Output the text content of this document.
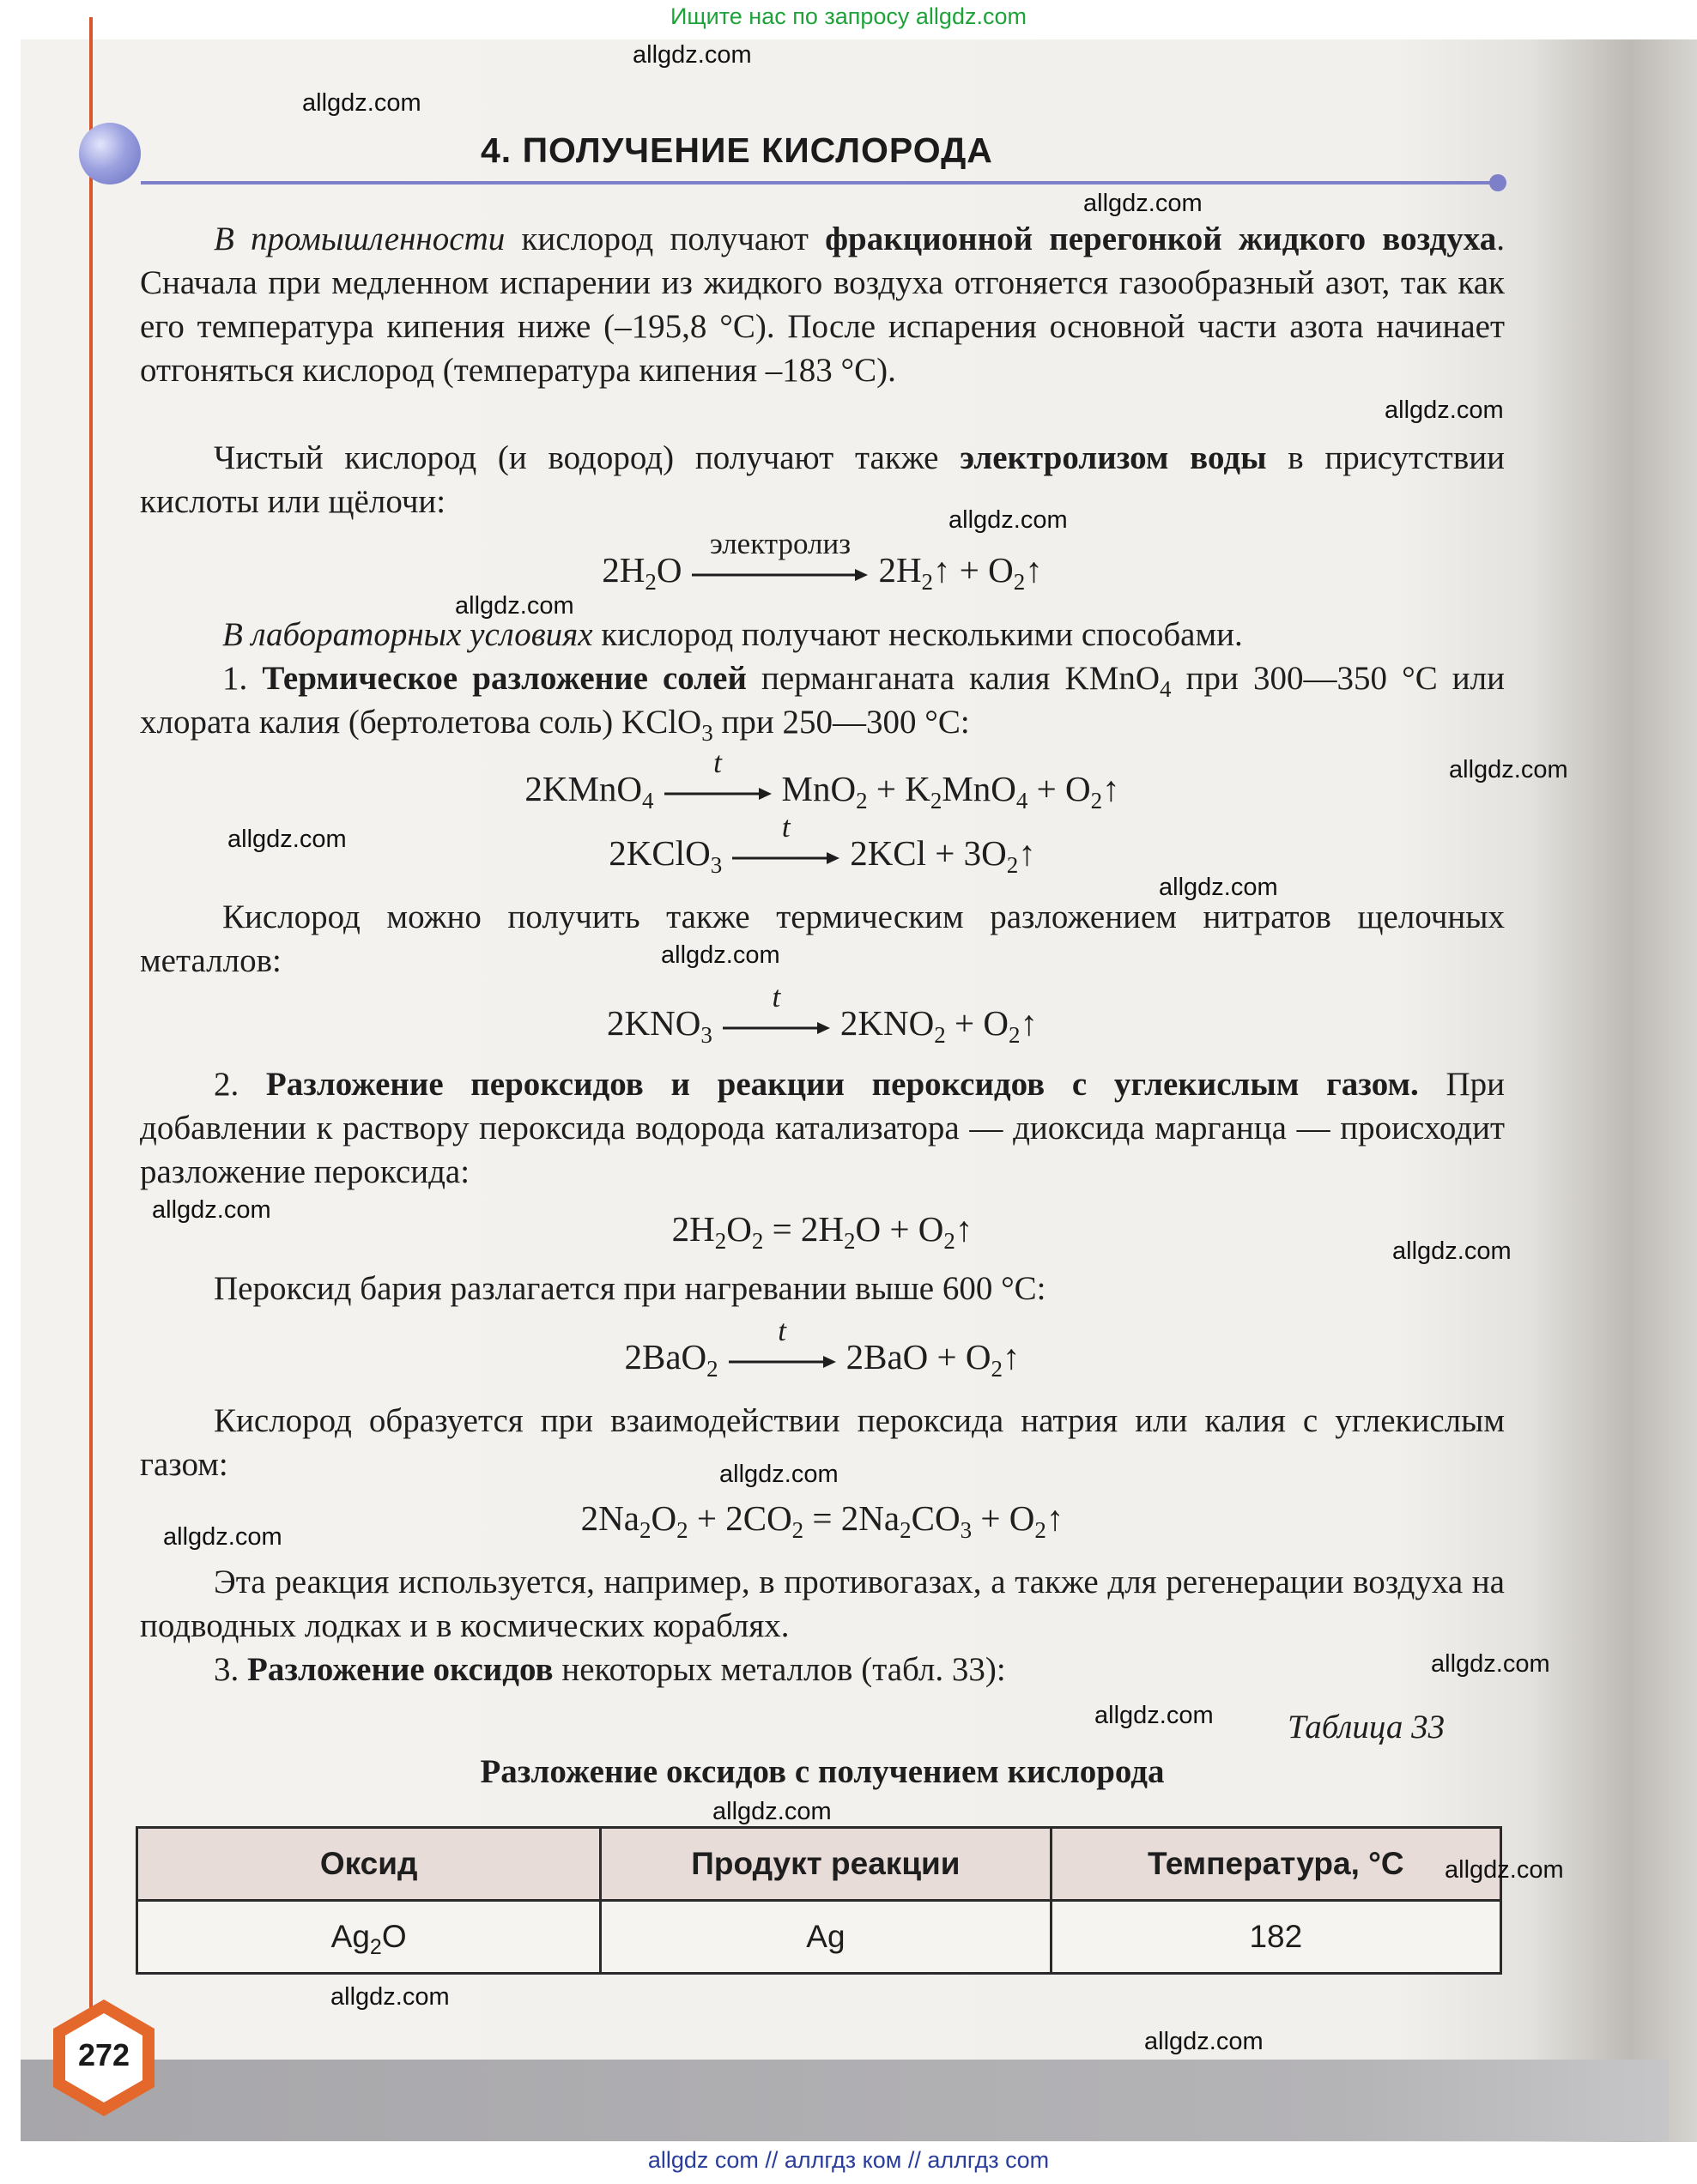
Ищите нас по запросу allgdz.com
4. ПОЛУЧЕНИЕ КИСЛОРОДА
В промышленности кислород получают фракционной перегонкой жидкого воздуха. Сначала при медленном испарении из жидкого воздуха отгоняется газообразный азот, так как его температура кипения ниже (–195,8 °С). После испарения основной части азота начинает отгоняться кислород (температура кипения –183 °С).
Чистый кислород (и водород) получают также электролизом воды в присутствии кислоты или щёлочи:
$2H_2O$
электролиз
$2H_2↑$ + $O_2↑$
В лабораторных условиях кислород получают несколькими способами.
1. Термическое разложение солей перманганата калия KMnO$_4$ при 300—350 °С или хлората калия (бертолетова соль) KClO$_3$ при 250—300 °С:
2KMnO$_4$
t
$MnO_2 + K_2MnO_4$ + $O_2↑$
2KClO$_3$
t
$2KCl + 3O_2↑$
Кислород можно получить также термическим разложением нитратов щелочных металлов:
$2KNO_3$
t
$2KNO_2$ + $O_2↑$
2. Разложение пероксидов и реакции пероксидов с углекислым газом. При добавлении к раствору пероксида водорода катализатора — диоксида марганца — происходит разложение пероксида:
$2H_2O_2 = 2H_2O$ + $O_2↑$
Пероксид бария разлагается при нагревании выше 600 °С:
2BaO$_2$
t
$2BaO + O_2↑$
Кислород образуется при взаимодействии пероксида натрия или калия с углекислым газом:
$2Na_2O_2 + 2CO_2 = 2Na_2CO_3$ + $O_2↑$
Эта реакция используется, например, в противогазах, а также для регенерации воздуха на подводных лодках и в космических кораблях.
3. Разложение оксидов некоторых металлов (табл. 33):
Таблица 33
Разложение оксидов с получением кислорода
Оксид	Продукт реакции	Температура, °С
$Ag_2O$	Ag	182
272
allgdz.com
allgdz.com
allgdz.com
allgdz.com
allgdz.com
allgdz.com
allgdz.com
allgdz.com
allgdz.com
allgdz.com
allgdz.com
allgdz.com
allgdz.com
allgdz.com
allgdz.com
allgdz.com
allgdz.com
allgdz.com
allgdz.com
allgdz.com
allgdz com // аллгдз ком // аллгдз com
